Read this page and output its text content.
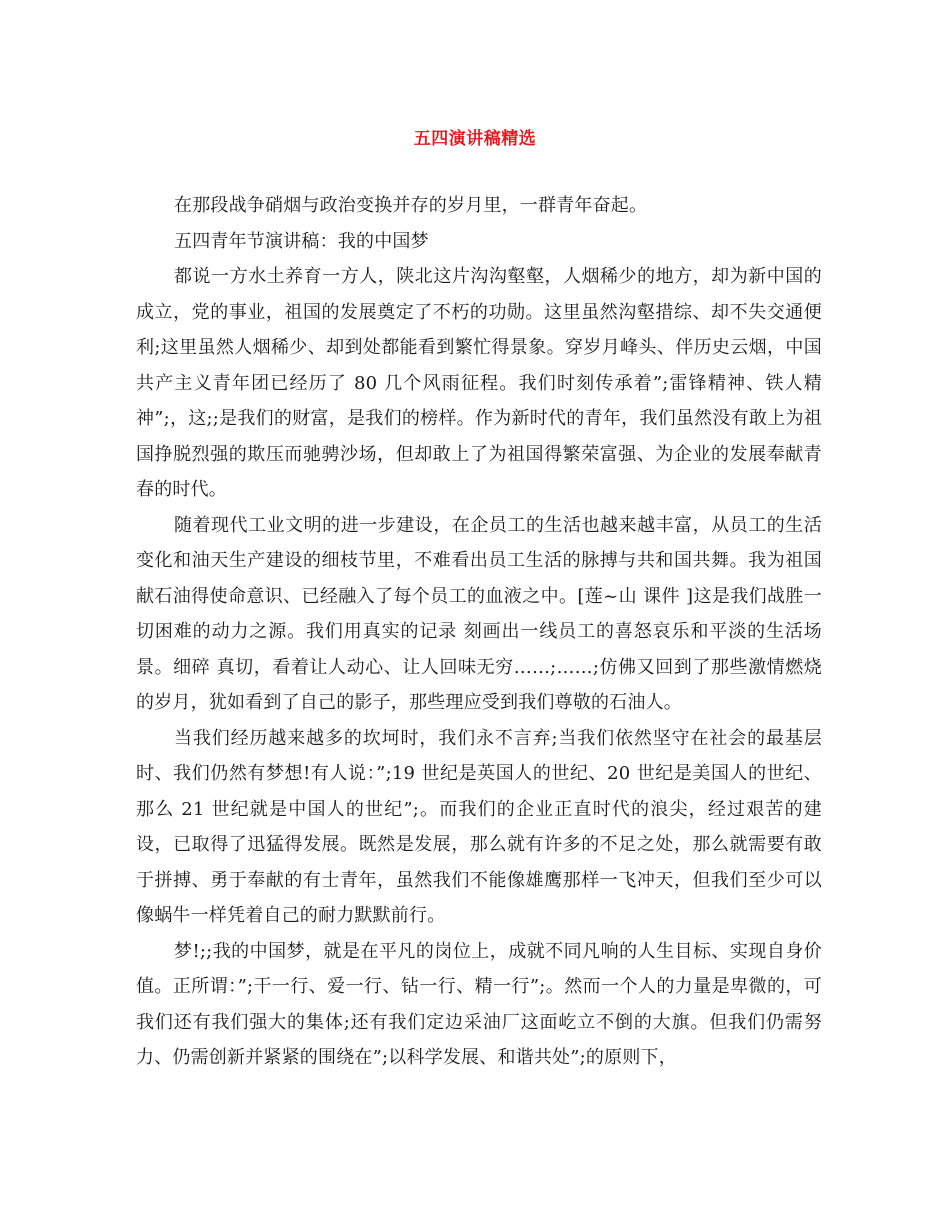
五四演讲稿精选

在那段战争硝烟与政治变换并存的岁月里，一群青年奋起。

五四青年节演讲稿：我的中国梦

都说一方水土养育一方人，陕北这片沟沟壑壑，人烟稀少的地方，却为新中国的成立，党的事业，祖国的发展奠定了不朽的功勋。这里虽然沟壑措综、却不失交通便利;这里虽然人烟稀少、却到处都能看到繁忙得景象。穿岁月峰头、伴历史云烟，中国共产主义青年团已经历了 80 几个风雨征程。我们时刻传承着”;雷锋精神、铁人精神”;，这;;是我们的财富，是我们的榜样。作为新时代的青年，我们虽然没有敢上为祖国挣脱烈强的欺压而驰骋沙场，但却敢上了为祖国得繁荣富强、为企业的发展奉献青春的时代。

随着现代工业文明的进一步建设，在企员工的生活也越来越丰富，从员工的生活变化和油天生产建设的细枝节里，不难看出员工生活的脉搏与共和国共舞。我为祖国献石油得使命意识、已经融入了每个员工的血液之中。[莲~山 课件 ]这是我们战胜一切困难的动力之源。我们用真实的记录 刻画出一线员工的喜怒哀乐和平淡的生活场景。细碎 真切，看着让人动心、让人回味无穷……;……;仿佛又回到了那些激情燃烧的岁月，犹如看到了自己的影子，那些理应受到我们尊敬的石油人。

当我们经历越来越多的坎坷时，我们永不言弃;当我们依然坚守在社会的最基层时、我们仍然有梦想!有人说：”;19 世纪是英国人的世纪、20 世纪是美国人的世纪、那么 21 世纪就是中国人的世纪”;。而我们的企业正直时代的浪尖，经过艰苦的建设，已取得了迅猛得发展。既然是发展，那么就有许多的不足之处，那么就需要有敢于拼搏、勇于奉献的有士青年，虽然我们不能像雄鹰那样一飞冲天，但我们至少可以像蜗牛一样凭着自己的耐力默默前行。

梦!;;我的中国梦，就是在平凡的岗位上，成就不同凡响的人生目标、实现自身价值。正所谓：”;干一行、爱一行、钻一行、精一行”;。然而一个人的力量是卑微的，可我们还有我们强大的集体;还有我们定边采油厂这面屹立不倒的大旗。但我们仍需努力、仍需创新并紧紧的围绕在”;以科学发展、和谐共处”;的原则下，
